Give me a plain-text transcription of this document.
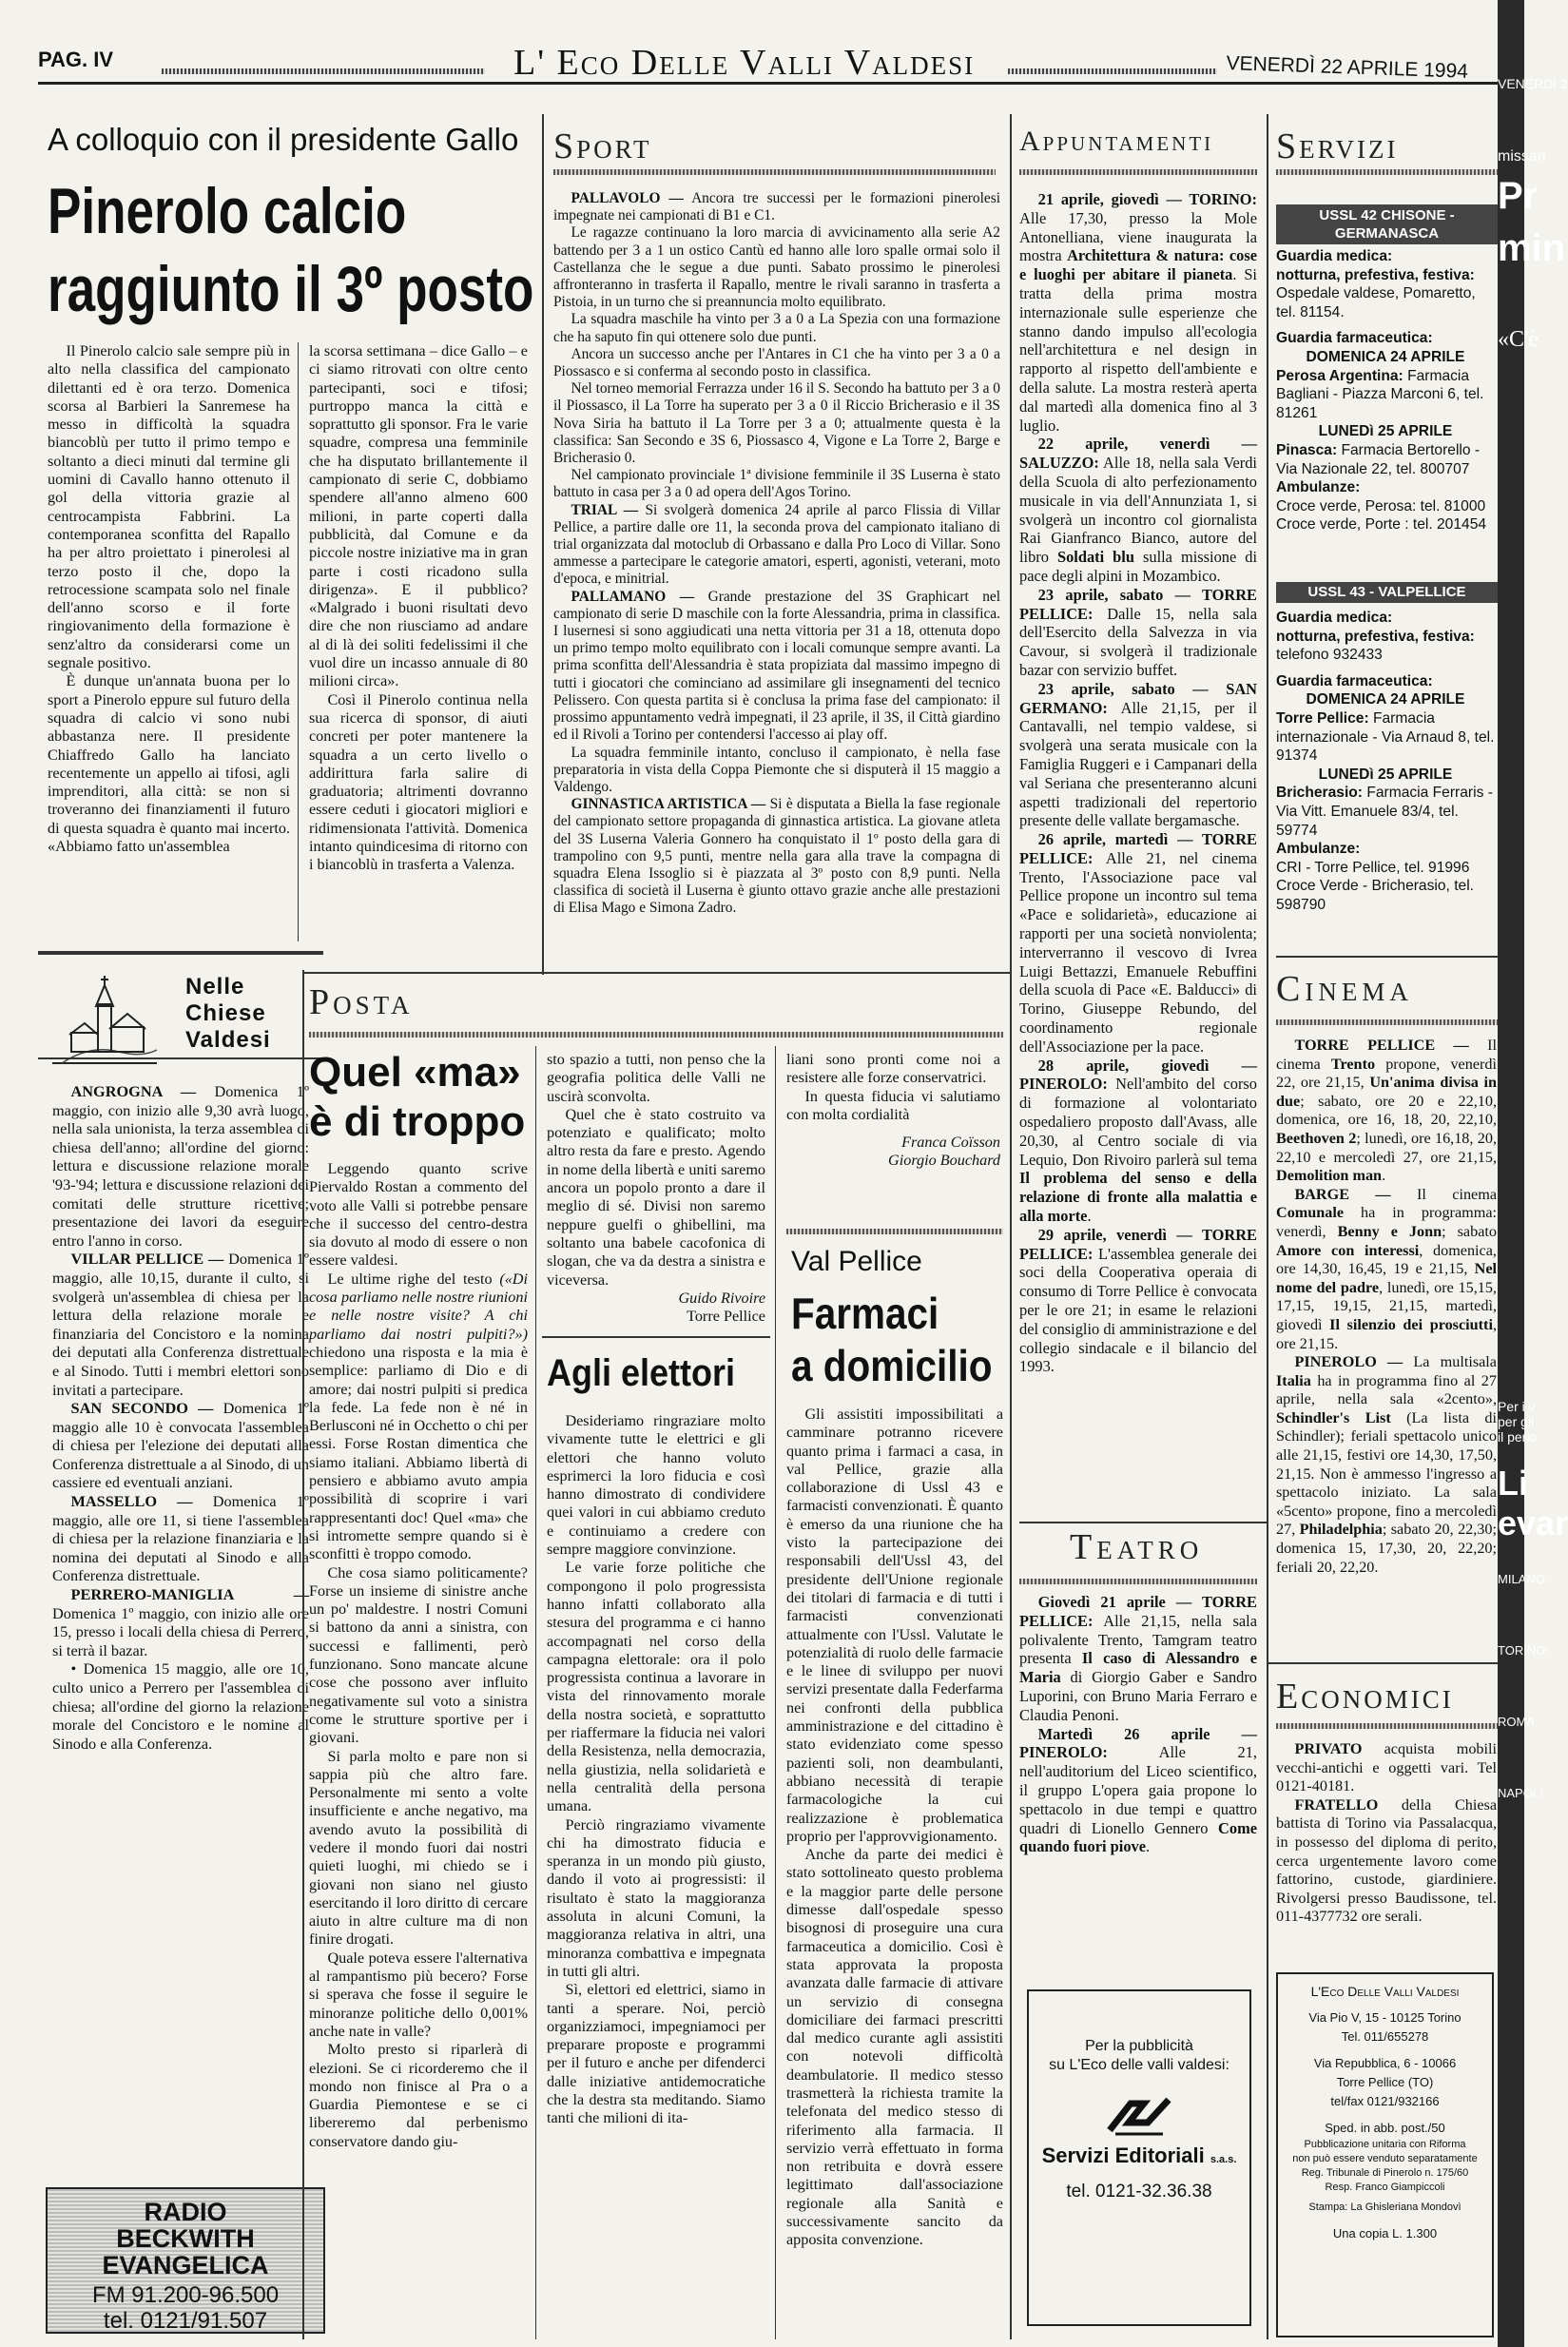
PAG. IV	L' Eco Delle Valli Valdesi	VENERDÌ 22 APRILE 1994
A colloquio con il presidente Gallo
Pinerolo calcio
raggiunto il 3º posto

Il Pinerolo calcio sale sempre più in alto nella classifica del campionato dilettanti ed è ora terzo. Domenica scorsa al Barbieri la Sanremese ha messo in difficoltà la squadra biancoblù per tutto il primo tempo e soltanto a dieci minuti dal termine gli uomini di Cavallo hanno ottenuto il gol della vittoria grazie al centrocampista Fabbrini. La contemporanea sconfitta del Rapallo ha per altro proiettato i pinerolesi al terzo posto il che, dopo la retrocessione scampata solo nel finale dell'anno scorso e il forte ringiovanimento della formazione è senz'altro da considerarsi come un segnale positivo.

È dunque un'annata buona per lo sport a Pinerolo eppure sul futuro della squadra di calcio vi sono nubi abbastanza nere. Il presidente Chiaffredo Gallo ha lanciato recentemente un appello ai tifosi, agli imprenditori, alla città: se non si troveranno dei finanziamenti il futuro di questa squadra è quanto mai incerto. «Abbiamo fatto un'assemblea

la scorsa settimana – dice Gallo – e ci siamo ritrovati con oltre cento partecipanti, soci e tifosi; purtroppo manca la città e soprattutto gli sponsor. Fra le varie squadre, compresa una femminile che ha disputato brillantemente il campionato di serie C, dobbiamo spendere all'anno almeno 600 milioni, in parte coperti dalla pubblicità, dal Comune e da piccole nostre iniziative ma in gran parte i costi ricadono sulla dirigenza». E il pubblico? «Malgrado i buoni risultati devo dire che non riusciamo ad andare al di là dei soliti fedelissimi il che vuol dire un incasso annuale di 80 milioni circa».

Così il Pinerolo continua nella sua ricerca di sponsor, di aiuti concreti per poter mantenere la squadra a un certo livello o addirittura farla salire di graduatoria; altrimenti dovranno essere ceduti i giocatori migliori e ridimensionata l'attività. Domenica intanto quindicesima di ritorno con i biancoblù in trasferta a Valenza.

Sport

PALLAVOLO — Ancora tre successi per le formazioni pinerolesi impegnate nei campionati di B1 e C1.

Le ragazze continuano la loro marcia di avvicinamento alla serie A2 battendo per 3 a 1 un ostico Cantù ed hanno alle loro spalle ormai solo il Castellanza che le segue a due punti. Sabato prossimo le pinerolesi affronteranno in trasferta il Rapallo, mentre le rivali saranno in trasferta a Pistoia, in un turno che si preannuncia molto equilibrato.

La squadra maschile ha vinto per 3 a 0 a La Spezia con una formazione che ha saputo fin qui ottenere solo due punti.

Ancora un successo anche per l'Antares in C1 che ha vinto per 3 a 0 a Piossasco e si conferma al secondo posto in classifica.

Nel torneo memorial Ferrazza under 16 il S. Secondo ha battuto per 3 a 0 il Piossasco, il La Torre ha superato per 3 a 0 il Riccio Bricherasio e il 3S Nova Siria ha battuto il La Torre per 3 a 0; attualmente questa è la classifica: San Secondo e 3S 6, Piossasco 4, Vigone e La Torre 2, Barge e Bricherasio 0.

Nel campionato provinciale 1ª divisione femminile il 3S Luserna è stato battuto in casa per 3 a 0 ad opera dell'Agos Torino.

TRIAL — Si svolgerà domenica 24 aprile al parco Flissia di Villar Pellice, a partire dalle ore 11, la seconda prova del campionato italiano di trial organizzata dal motoclub di Orbassano e dalla Pro Loco di Villar. Sono ammesse a partecipare le categorie amatori, esperti, agonisti, veterani, moto d'epoca, e minitrial.

PALLAMANO — Grande prestazione del 3S Graphicart nel campionato di serie D maschile con la forte Alessandria, prima in classifica. I lusernesi si sono aggiudicati una netta vittoria per 31 a 18, ottenuta dopo un primo tempo molto equilibrato con i locali comunque sempre avanti. La prima sconfitta dell'Alessandria è stata propiziata dal massimo impegno di tutti i giocatori che cominciano ad assimilare gli insegnamenti del tecnico Pelissero. Con questa partita si è conclusa la prima fase del campionato: il prossimo appuntamento vedrà impegnati, il 23 aprile, il 3S, il Città giardino ed il Rivoli a Torino per contendersi l'accesso ai play off.

La squadra femminile intanto, concluso il campionato, è nella fase preparatoria in vista della Coppa Piemonte che si disputerà il 15 maggio a Valdengo.

GINNASTICA ARTISTICA — Si è disputata a Biella la fase regionale del campionato settore propaganda di ginnastica artistica. La giovane atleta del 3S Luserna Valeria Gonnero ha conquistato il 1º posto della gara di trampolino con 9,5 punti, mentre nella gara alla trave la compagna di squadra Elena Issoglio si è piazzata al 3º posto con 8,9 punti. Nella classifica di società il Luserna è giunto ottavo grazie anche alle prestazioni di Elisa Mago e Simona Zadro.

Appuntamenti

21 aprile, giovedì — TORINO: Alle 17,30, presso la Mole Antonelliana, viene inaugurata la mostra Architettura & natura: cose e luoghi per abitare il pianeta. Si tratta della prima mostra internazionale sulle esperienze che stanno dando impulso all'ecologia nell'architettura e nel design in rapporto al rispetto dell'ambiente e della salute. La mostra resterà aperta dal martedì alla domenica fino al 3 luglio.

22 aprile, venerdì — SALUZZO: Alle 18, nella sala Verdi della Scuola di alto perfezionamento musicale in via dell'Annunziata 1, si svolgerà un incontro col giornalista Rai Gianfranco Bianco, autore del libro Soldati blu sulla missione di pace degli alpini in Mozambico.

23 aprile, sabato — TORRE PELLICE: Dalle 15, nella sala dell'Esercito della Salvezza in via Cavour, si svolgerà il tradizionale bazar con servizio buffet.

23 aprile, sabato — SAN GERMANO: Alle 21,15, per il Cantavalli, nel tempio valdese, si svolgerà una serata musicale con la Famiglia Ruggeri e i Campanari della val Seriana che presenteranno alcuni aspetti tradizionali del repertorio presente delle vallate bergamasche.

26 aprile, martedì — TORRE PELLICE: Alle 21, nel cinema Trento, l'Associazione pace val Pellice propone un incontro sul tema «Pace e solidarietà», educazione ai rapporti per una società nonviolenta; interverranno il vescovo di Ivrea Luigi Bettazzi, Emanuele Rebuffini della scuola di Pace «E. Balducci» di Torino, Giuseppe Rebundo, del coordinamento regionale dell'Associazione per la pace.

28 aprile, giovedì — PINEROLO: Nell'ambito del corso di formazione al volontariato ospedaliero proposto dall'Avass, alle 20,30, al Centro sociale di via Lequio, Don Rivoiro parlerà sul tema Il problema del senso e della relazione di fronte alla malattia e alla morte.

29 aprile, venerdì — TORRE PELLICE: L'assemblea generale dei soci della Cooperativa operaia di consumo di Torre Pellice è convocata per le ore 21; in esame le relazioni del consiglio di amministrazione e del collegio sindacale e il bilancio del 1993.

Servizi
USSL 42 CHISONE - GERMANASCA
Guardia medica:
notturna, prefestiva, festiva:
Ospedale valdese, Pomaretto, tel. 81154.
Guardia farmaceutica:
DOMENICA 24 APRILE
Perosa Argentina: Farmacia Bagliani - Piazza Marconi 6, tel. 81261
LUNEDì 25 APRILE
Pinasca: Farmacia Bertorello - Via Nazionale 22, tel. 800707
Ambulanze:
Croce verde, Perosa: tel. 81000 Croce verde, Porte : tel. 201454
USSL 43 - VALPELLICE
Guardia medica:
notturna, prefestiva, festiva:
telefono 932433
Guardia farmaceutica:
DOMENICA 24 APRILE
Torre Pellice: Farmacia internazionale - Via Arnaud 8, tel. 91374
LUNEDì 25 APRILE
Bricherasio: Farmacia Ferraris - Via Vitt. Emanuele 83/4, tel. 59774
Ambulanze:
CRI - Torre Pellice, tel. 91996 Croce Verde - Bricherasio, tel. 598790
Cinema

TORRE PELLICE — Il cinema Trento propone, venerdì 22, ore 21,15, Un'anima divisa in due; sabato, ore 20 e 22,10, domenica, ore 16, 18, 20, 22,10, Beethoven 2; lunedì, ore 16,18, 20, 22,10 e mercoledì 27, ore 21,15, Demolition man.

BARGE — Il cinema Comunale ha in programma: venerdì, Benny e Jonn; sabato Amore con interessi, domenica, ore 14,30, 16,45, 19 e 21,15, Nel nome del padre, lunedì, ore 15,15, 17,15, 19,15, 21,15, martedì, giovedì Il silenzio dei prosciutti, ore 21,15.

PINEROLO — La multisala Italia ha in programma fino al 27 aprile, nella sala «2cento», Schindler's List (La lista di Schindler); feriali spettacolo unico alle 21,15, festivi ore 14,30, 17,50, 21,15. Non è ammesso l'ingresso a spettacolo iniziato. La sala «5cento» propone, fino a mercoledì 27, Philadelphia; sabato 20, 22,30; domenica 15, 17,30, 20, 22,20; feriali 20, 22,20.

Teatro

Giovedì 21 aprile — TORRE PELLICE: Alle 21,15, nella sala polivalente Trento, Tamgram teatro presenta Il caso di Alessandro e Maria di Giorgio Gaber e Sandro Luporini, con Bruno Maria Ferraro e Claudia Penoni.

Martedì 26 aprile — PINEROLO: Alle 21, nell'auditorium del Liceo scientifico, il gruppo L'opera gaia propone lo spettacolo in due tempi e quattro quadri di Lionello Gennero Come quando fuori piove.

Economici

PRIVATO acquista mobili vecchi-antichi e oggetti vari. Tel 0121-40181.

FRATELLO della Chiesa battista di Torino via Passalacqua, in possesso del diploma di perito, cerca urgentemente lavoro come fattorino, custode, giardiniere. Rivolgersi presso Baudissone, tel. 011-4377732 ore serali.

Per la pubblicità
su L'Eco delle valli valdesi:
Servizi Editoriali s.a.s.
tel. 0121-32.36.38
L'Eco Delle Valli Valdesi
Via Pio V, 15 - 10125 Torino
Tel. 011/655278
Via Repubblica, 6 - 10066
Torre Pellice (TO)
tel/fax 0121/932166
Sped. in abb. post./50
Pubblicazione unitaria con Riforma
non può essere venduto separatamente
Reg. Tribunale di Pinerolo n. 175/60
Resp. Franco Giampiccoli
Stampa: La Ghisleriana Mondovì
Una copia L. 1.300
Nelle
Chiese
Valdesi

ANGROGNA — Domenica 1º maggio, con inizio alle 9,30 avrà luogo, nella sala unionista, la terza assemblea di chiesa dell'anno; all'ordine del giorno: lettura e discussione relazione morale '93-'94; lettura e discussione relazioni dei comitati delle strutture ricettive; presentazione dei lavori da eseguire entro l'anno in corso.

VILLAR PELLICE — Domenica 1º maggio, alle 10,15, durante il culto, si svolgerà un'assemblea di chiesa per la lettura della relazione morale e finanziaria del Concistoro e la nomina dei deputati alla Conferenza distrettuale e al Sinodo. Tutti i membri elettori sono invitati a partecipare.

SAN SECONDO — Domenica 1º maggio alle 10 è convocata l'assemblea di chiesa per l'elezione dei deputati alla Conferenza distrettuale a al Sinodo, di un cassiere ed eventuali anziani.

MASSELLO — Domenica 1º maggio, alle ore 11, si tiene l'assemblea di chiesa per la relazione finanziaria e la nomina dei deputati al Sinodo e alla Conferenza distrettuale.

PERRERO-MANIGLIA — Domenica 1º maggio, con inizio alle ore 15, presso i locali della chiesa di Perrero, si terrà il bazar.

• Domenica 15 maggio, alle ore 10, culto unico a Perrero per l'assemblea di chiesa; all'ordine del giorno la relazione morale del Concistoro e le nomine al Sinodo e alla Conferenza.

RADIO
BECKWITH
EVANGELICA
FM 91.200-96.500
tel. 0121/91.507
Posta
Quel «ma»
è di troppo

Leggendo quanto scrive Piervaldo Rostan a commento del voto alle Valli si potrebbe pensare che il successo del centro-destra sia dovuto al modo di essere o non essere valdesi.

Le ultime righe del testo («Di cosa parliamo nelle nostre riunioni e nelle nostre visite? A chi parliamo dai nostri pulpiti?») chiedono una risposta e la mia è semplice: parliamo di Dio e di amore; dai nostri pulpiti si predica la fede. La fede non è né in Berlusconi né in Occhetto o chi per essi. Forse Rostan dimentica che siamo italiani. Abbiamo libertà di pensiero e abbiamo avuto ampia possibilità di scoprire i vari rappresentanti doc! Quel «ma» che si intromette sempre quando si è sconfitti è troppo comodo.

Che cosa siamo politicamente? Forse un insieme di sinistre anche un po' maldestre. I nostri Comuni si battono da anni a sinistra, con successi e fallimenti, però funzionano. Sono mancate alcune cose che possono aver influito negativamente sul voto a sinistra come le strutture sportive per i giovani.

Si parla molto e pare non si sappia più che altro fare. Personalmente mi sento a volte insufficiente e anche negativo, ma avendo avuto la possibilità di vedere il mondo fuori dai nostri quieti luoghi, mi chiedo se i giovani non siano nel giusto esercitando il loro diritto di cercare aiuto in altre culture ma di non finire drogati.

Quale poteva essere l'alternativa al rampantismo più becero? Forse si sperava che fosse il seguire le minoranze politiche dello 0,001% anche nate in valle?

Molto presto si riparlerà di elezioni. Se ci ricorderemo che il mondo non finisce al Pra o a Guardia Piemontese e se ci libereremo dal perbenismo conservatore dando giu-

sto spazio a tutti, non penso che la geografia politica delle Valli ne uscirà sconvolta.

Quel che è stato costruito va potenziato e qualificato; molto altro resta da fare e presto. Agendo in nome della libertà e uniti saremo ancora un popolo pronto a dare il meglio di sé. Divisi non saremo neppure guelfi o ghibellini, ma soltanto una babele cacofonica di slogan, che va da destra a sinistra e viceversa.

Guido Rivoire
Torre Pellice
Agli elettori

Desideriamo ringraziare molto vivamente tutte le elettrici e gli elettori che hanno voluto esprimerci la loro fiducia e così hanno dimostrato di condividere quei valori in cui abbiamo creduto e continuiamo a credere con sempre maggiore convinzione.

Le varie forze politiche che compongono il polo progressista hanno infatti collaborato alla stesura del programma e ci hanno accompagnati nel corso della campagna elettorale: ora il polo progressista continua a lavorare in vista del rinnovamento morale della nostra società, e soprattutto per riaffermare la fiducia nei valori della Resistenza, nella democrazia, nella giustizia, nella solidarietà e nella centralità della persona umana.

Perciò ringraziamo vivamente chi ha dimostrato fiducia e speranza in un mondo più giusto, dando il voto ai progressisti: il risultato è stato la maggioranza assoluta in alcuni Comuni, la maggioranza relativa in altri, una minoranza combattiva e impegnata in tutti gli altri.

Sì, elettori ed elettrici, siamo in tanti a sperare. Noi, perciò organizziamoci, impegniamoci per preparare proposte e programmi per il futuro e anche per difenderci dalle iniziative antidemocratiche che la destra sta meditando. Siamo tanti che milioni di ita-

liani sono pronti come noi a resistere alle forze conservatrici.

In questa fiducia vi salutiamo con molta cordialità

Franca Coïsson
Giorgio Bouchard
Val Pellice
Farmaci
a domicilio

Gli assistiti impossibilitati a camminare potranno ricevere quanto prima i farmaci a casa, in val Pellice, grazie alla collaborazione di Ussl 43 e farmacisti convenzionati. È quanto è emerso da una riunione che ha visto la partecipazione dei responsabili dell'Ussl 43, del presidente dell'Unione regionale dei titolari di farmacia e di tutti i farmacisti convenzionati attualmente con l'Ussl. Valutate le potenzialità di ruolo delle farmacie e le linee di sviluppo per nuovi servizi presentate dalla Federfarma nei confronti della pubblica amministrazione e del cittadino è stato evidenziato come spesso pazienti soli, non deambulanti, abbiano necessità di terapie farmacologiche la cui realizzazione è problematica proprio per l'approvvigionamento.

Anche da parte dei medici è stato sottolineato questo problema e la maggior parte delle persone dimesse dall'ospedale spesso bisognosi di proseguire una cura farmaceutica a domicilio. Così è stata approvata la proposta avanzata dalle farmacie di attivare un servizio di consegna domiciliare dei farmaci prescritti dal medico curante agli assistiti con notevoli difficoltà deambulatorie. Il medico stesso trasmetterà la richiesta tramite la telefonata del medico stesso di riferimento alla farmacia. Il servizio verrà effettuato in forma non retribuita e dovrà essere legittimato dall'associazione regionale alla Sanità e successivamente sancito da apposita convenzione.

VENERDÌ 2
missan
Pr
min
«C'è
Per i v
per gli
il perio
Li
evar
MILANO:
TORINO:
ROMA:
NAPOLI:
